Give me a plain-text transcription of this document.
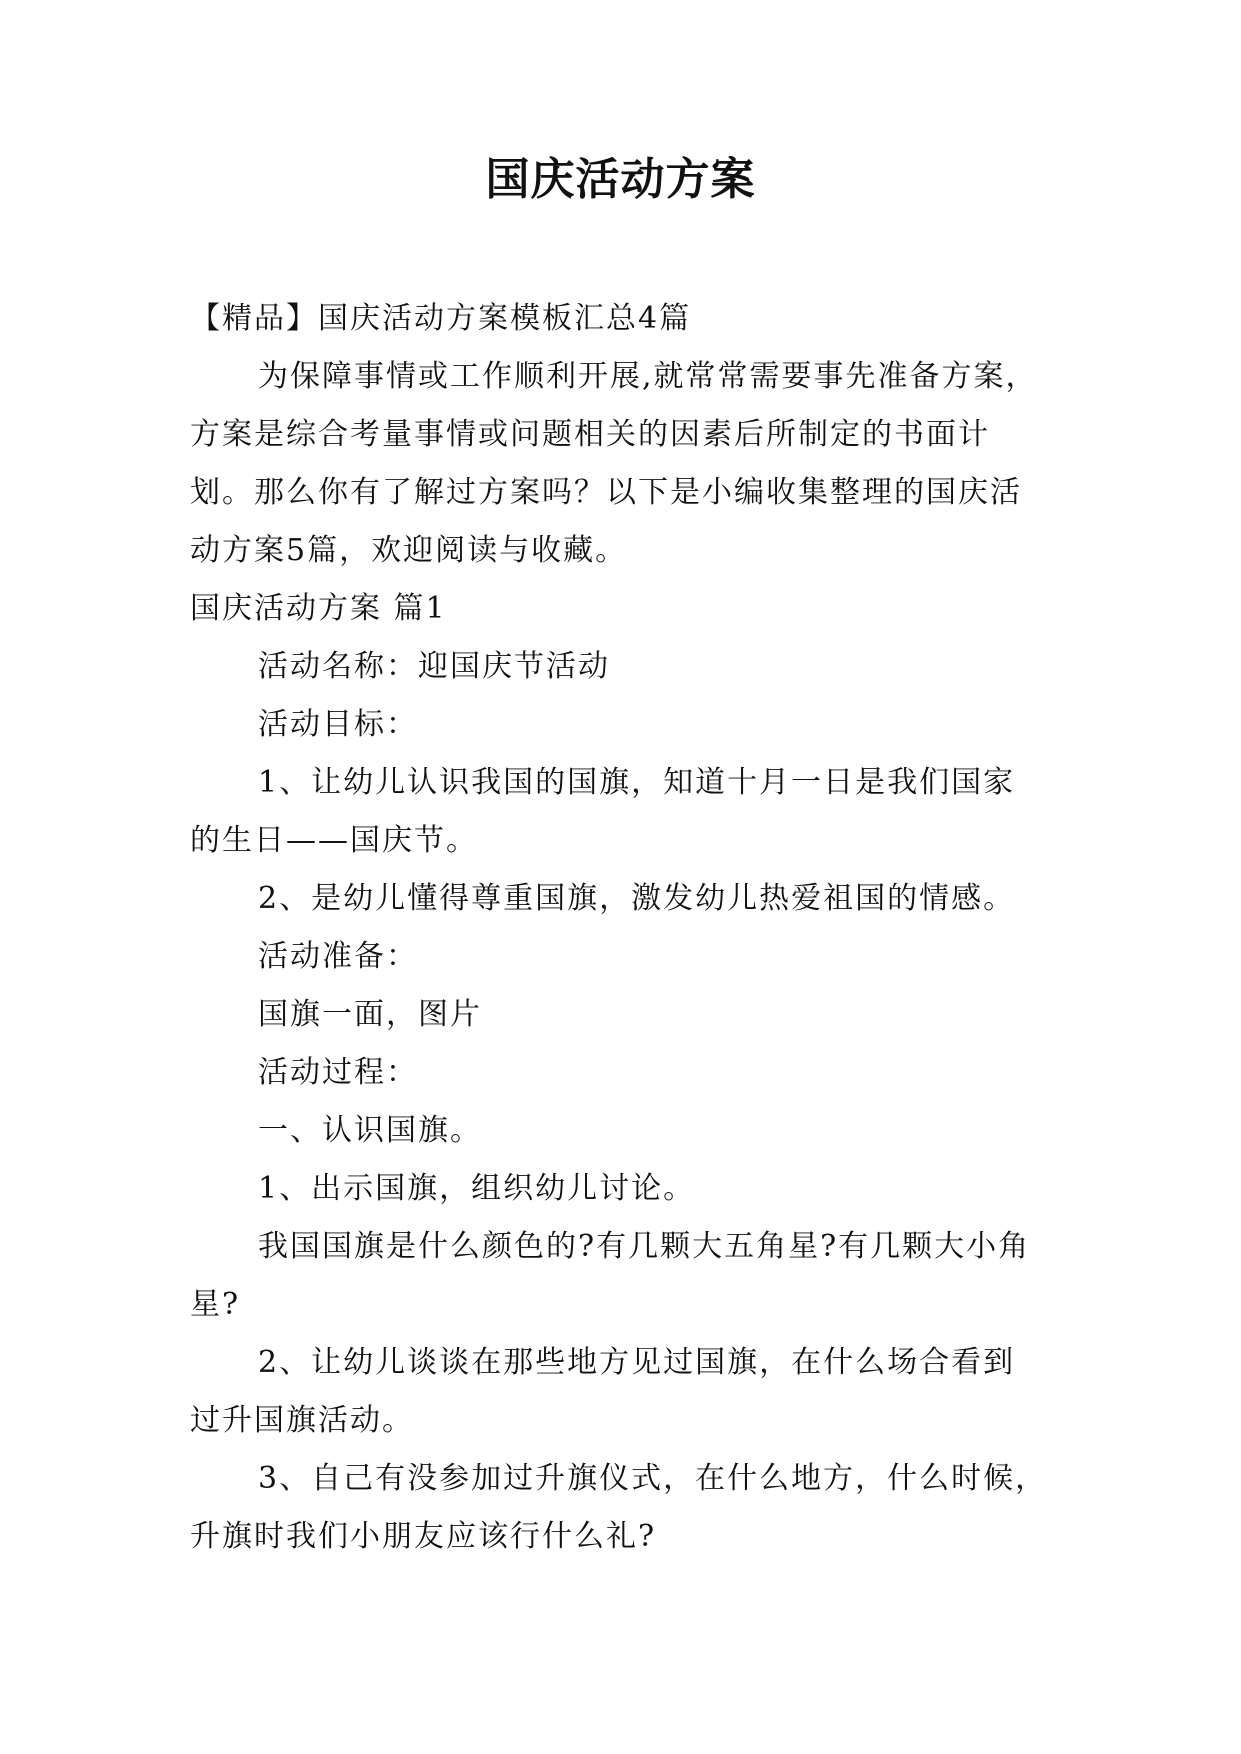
国庆活动方案
【精品】国庆活动方案模板汇总4篇
为保障事情或工作顺利开展,就常常需要事先准备方案，
方案是综合考量事情或问题相关的因素后所制定的书面计
划。那么你有了解过方案吗？以下是小编收集整理的国庆活
动方案5篇，欢迎阅读与收藏。
国庆活动方案 篇1
活动名称：迎国庆节活动
活动目标：
1、让幼儿认识我国的国旗，知道十月一日是我们国家
的生日——国庆节。
2、是幼儿懂得尊重国旗，激发幼儿热爱祖国的情感。
活动准备：
国旗一面，图片
活动过程：
一、认识国旗。
1、出示国旗，组织幼儿讨论。
我国国旗是什么颜色的?有几颗大五角星?有几颗大小角
星?
2、让幼儿谈谈在那些地方见过国旗，在什么场合看到
过升国旗活动。
3、自己有没参加过升旗仪式，在什么地方，什么时候，
升旗时我们小朋友应该行什么礼?
